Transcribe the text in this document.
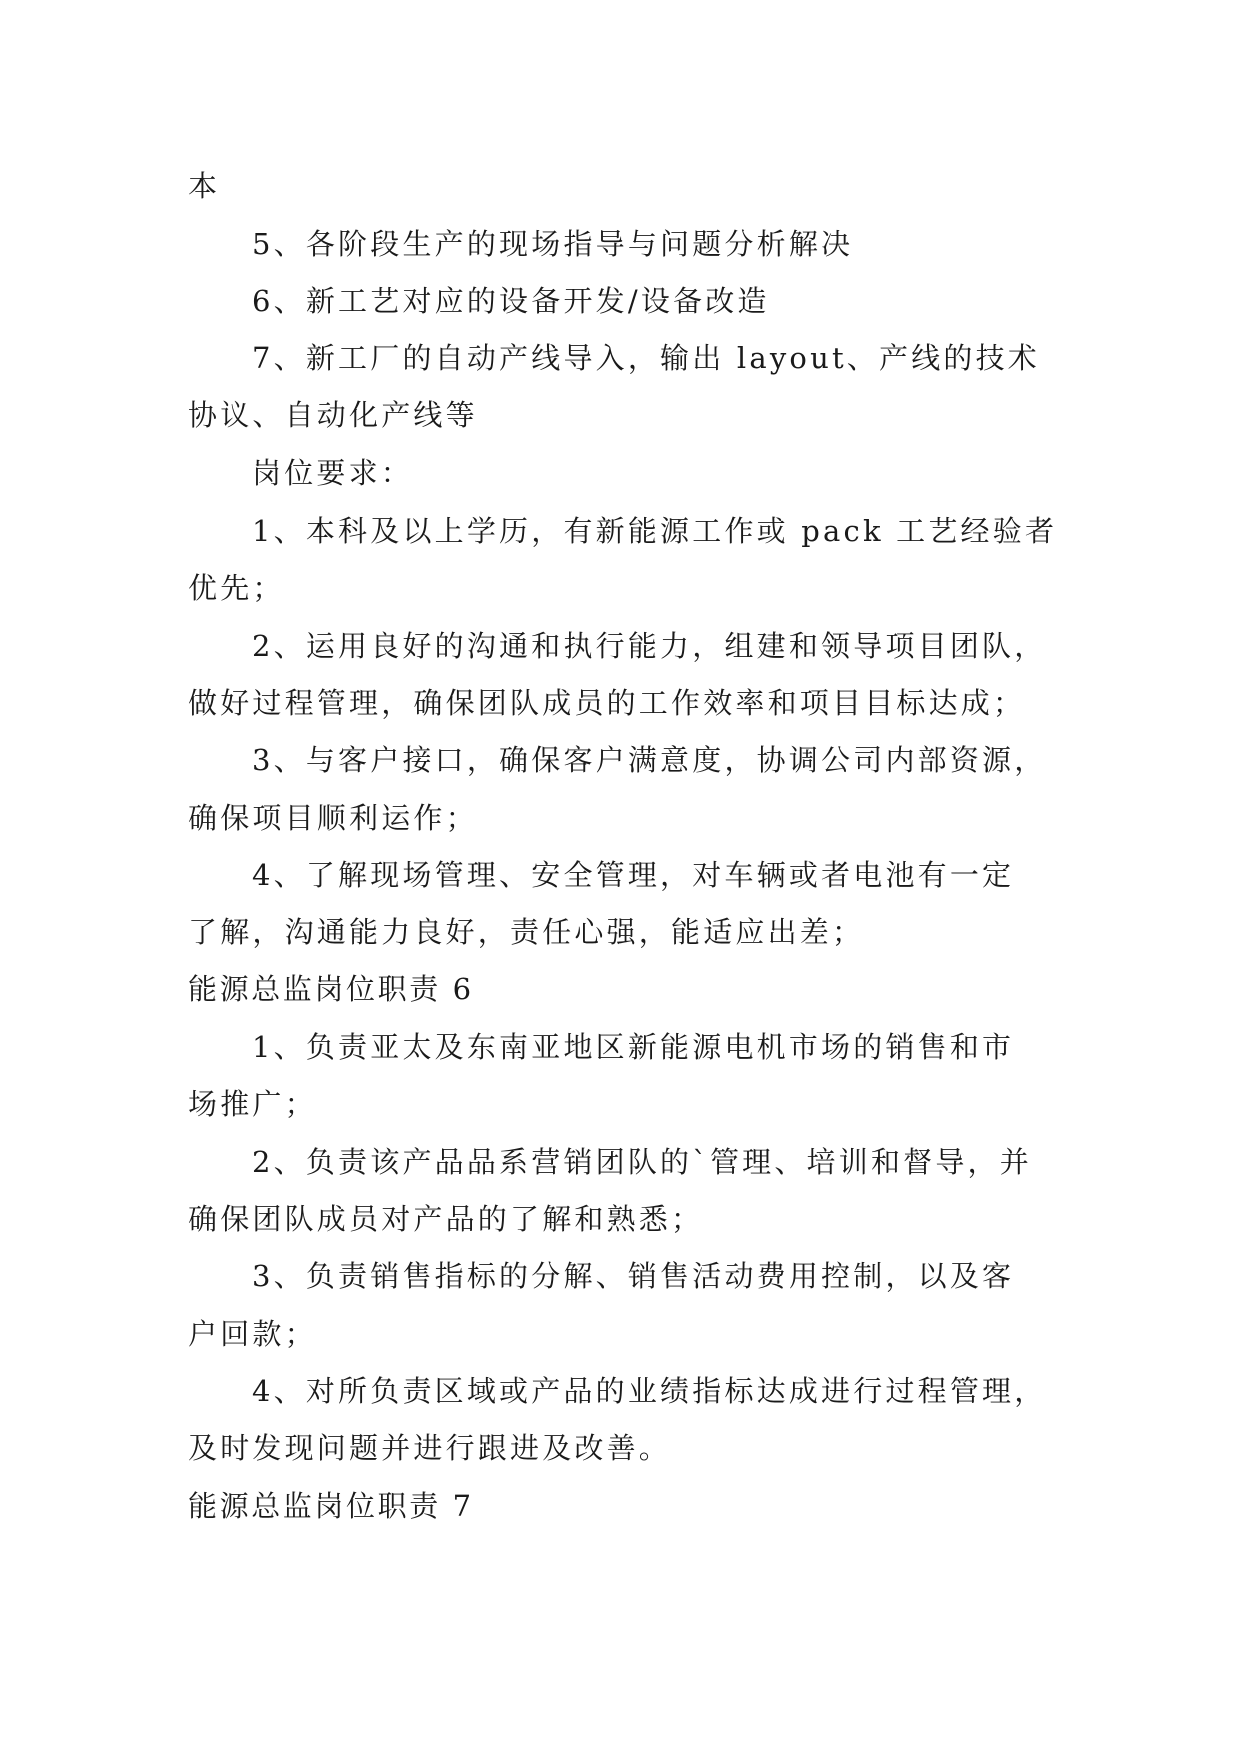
本
5、各阶段生产的现场指导与问题分析解决
6、新工艺对应的设备开发/设备改造
7、新工厂的自动产线导入，输出 layout、产线的技术
协议、自动化产线等
岗位要求：
1、本科及以上学历，有新能源工作或 pack 工艺经验者
优先；
2、运用良好的沟通和执行能力，组建和领导项目团队，
做好过程管理，确保团队成员的工作效率和项目目标达成；
3、与客户接口，确保客户满意度，协调公司内部资源，
确保项目顺利运作；
4、了解现场管理、安全管理，对车辆或者电池有一定
了解，沟通能力良好，责任心强，能适应出差；
能源总监岗位职责 6
1、负责亚太及东南亚地区新能源电机市场的销售和市
场推广；
2、负责该产品品系营销团队的`管理、培训和督导，并
确保团队成员对产品的了解和熟悉；
3、负责销售指标的分解、销售活动费用控制，以及客
户回款；
4、对所负责区域或产品的业绩指标达成进行过程管理，
及时发现问题并进行跟进及改善。
能源总监岗位职责 7
